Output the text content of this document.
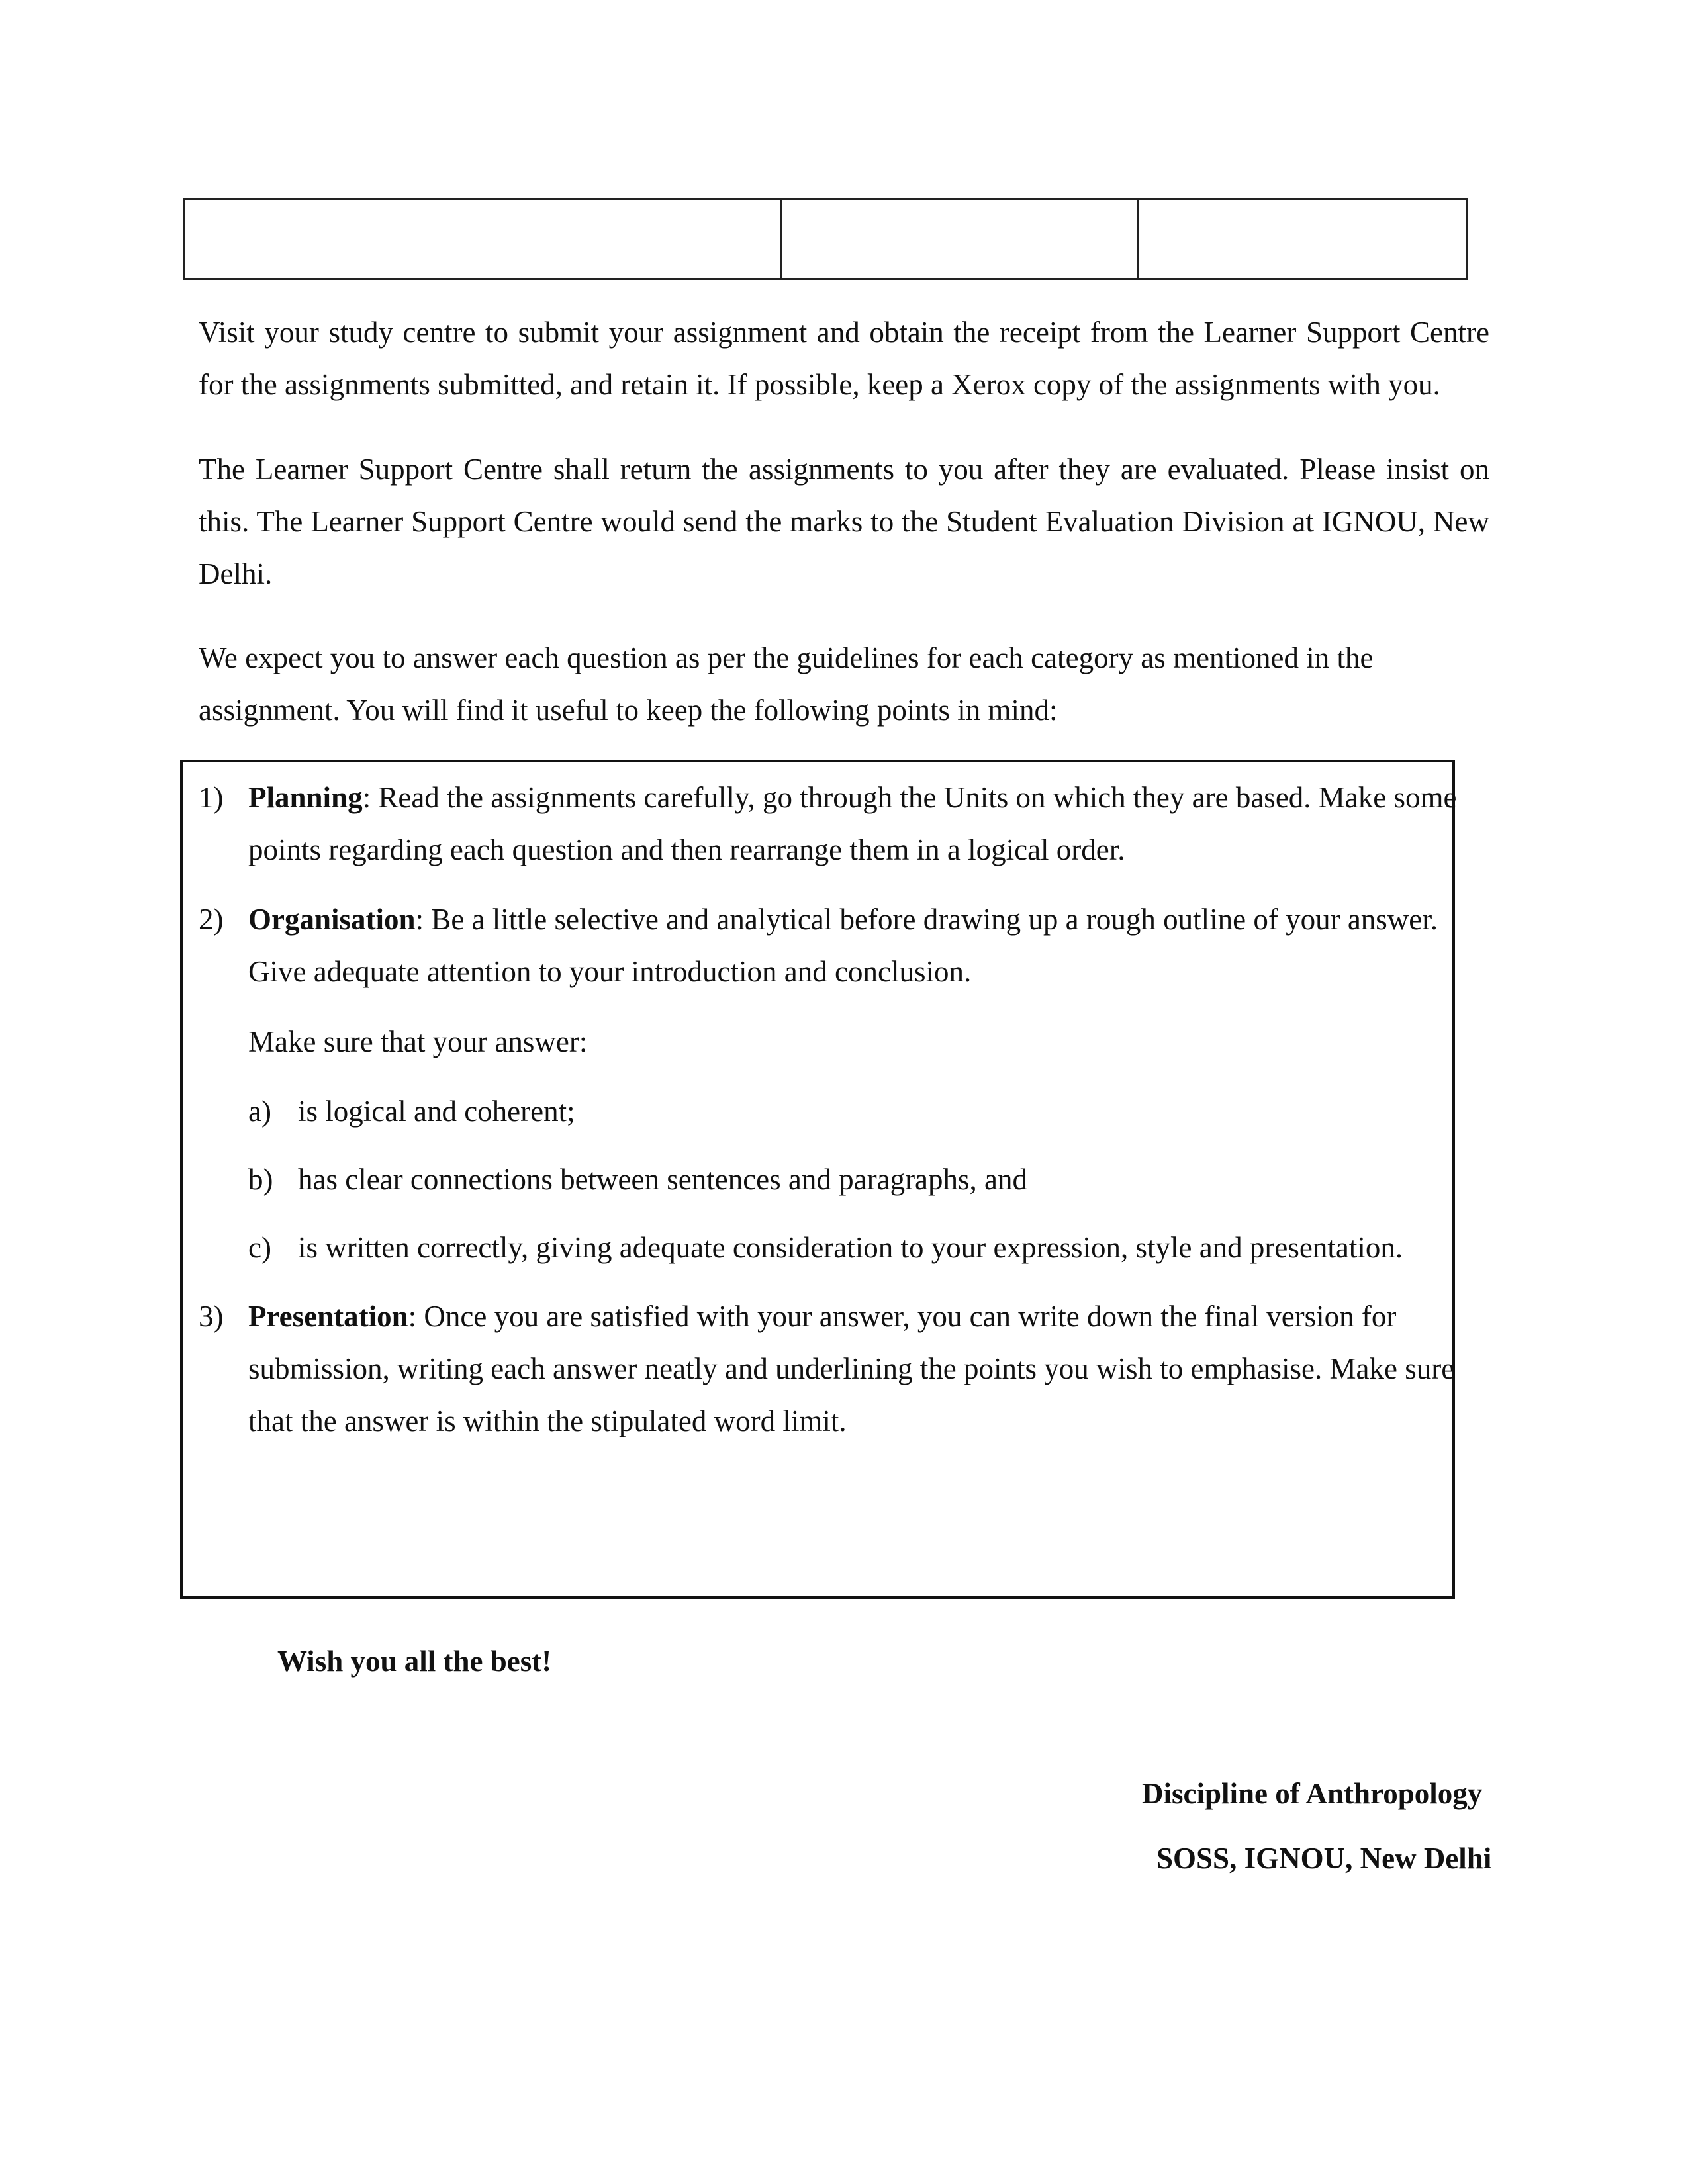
Visit your study centre to submit your assignment and obtain the receipt from the Learner Support Centre for the assignments submitted, and retain it. If possible, keep a Xerox copy of the assignments with you.

The Learner Support Centre shall return the assignments to you after they are evaluated. Please insist on this. The Learner Support Centre would send the marks to the Student Evaluation Division at IGNOU, New Delhi.

We expect you to answer each question as per the guidelines for each category as mentioned in the assignment. You will find it useful to keep the following points in mind:

1) Planning: Read the assignments carefully, go through the Units on which they are based. Make some points regarding each question and then rearrange them in a logical order.
2) Organisation: Be a little selective and analytical before drawing up a rough outline of your answer. Give adequate attention to your introduction and conclusion.
Make sure that your answer:
a) is logical and coherent;
b) has clear connections between sentences and paragraphs, and
c) is written correctly, giving adequate consideration to your expression, style and presentation.
3) Presentation: Once you are satisfied with your answer, you can write down the final version for submission, writing each answer neatly and underlining the points you wish to emphasise. Make sure that the answer is within the stipulated word limit.
Wish you all the best!
Discipline of Anthropology
SOSS, IGNOU, New Delhi
